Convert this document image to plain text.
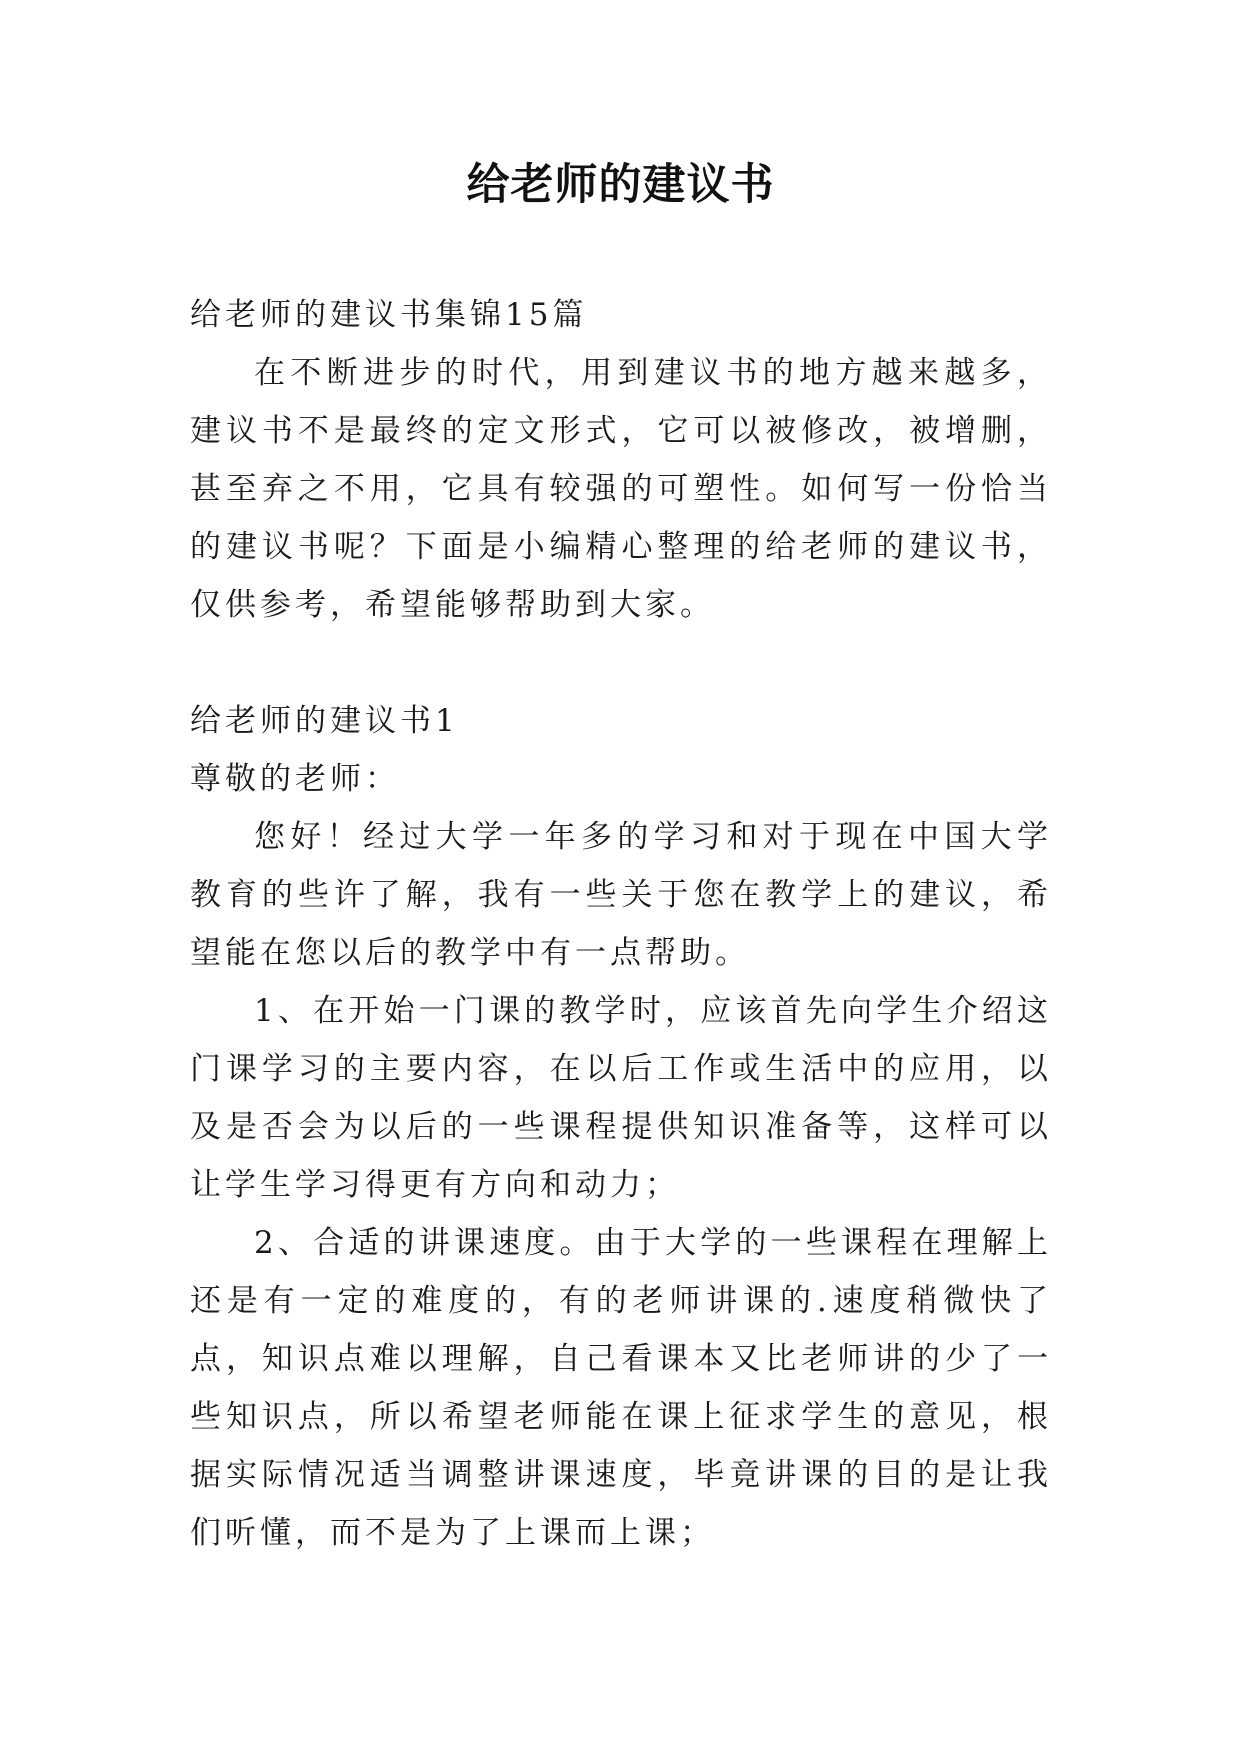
给老师的建议书

给老师的建议书集锦15篇

在不断进步的时代，用到建议书的地方越来越多，建议书不是最终的定文形式，它可以被修改，被增删，甚至弃之不用，它具有较强的可塑性。如何写一份恰当的建议书呢？下面是小编精心整理的给老师的建议书，仅供参考，希望能够帮助到大家。

给老师的建议书1

尊敬的老师：

您好！经过大学一年多的学习和对于现在中国大学教育的些许了解，我有一些关于您在教学上的建议，希望能在您以后的教学中有一点帮助。

1、在开始一门课的教学时，应该首先向学生介绍这门课学习的主要内容，在以后工作或生活中的应用，以及是否会为以后的一些课程提供知识准备等，这样可以让学生学习得更有方向和动力；

2、合适的讲课速度。由于大学的一些课程在理解上还是有一定的难度的，有的老师讲课的.速度稍微快了点，知识点难以理解，自己看课本又比老师讲的少了一些知识点，所以希望老师能在课上征求学生的意见，根据实际情况适当调整讲课速度，毕竟讲课的目的是让我们听懂，而不是为了上课而上课；
